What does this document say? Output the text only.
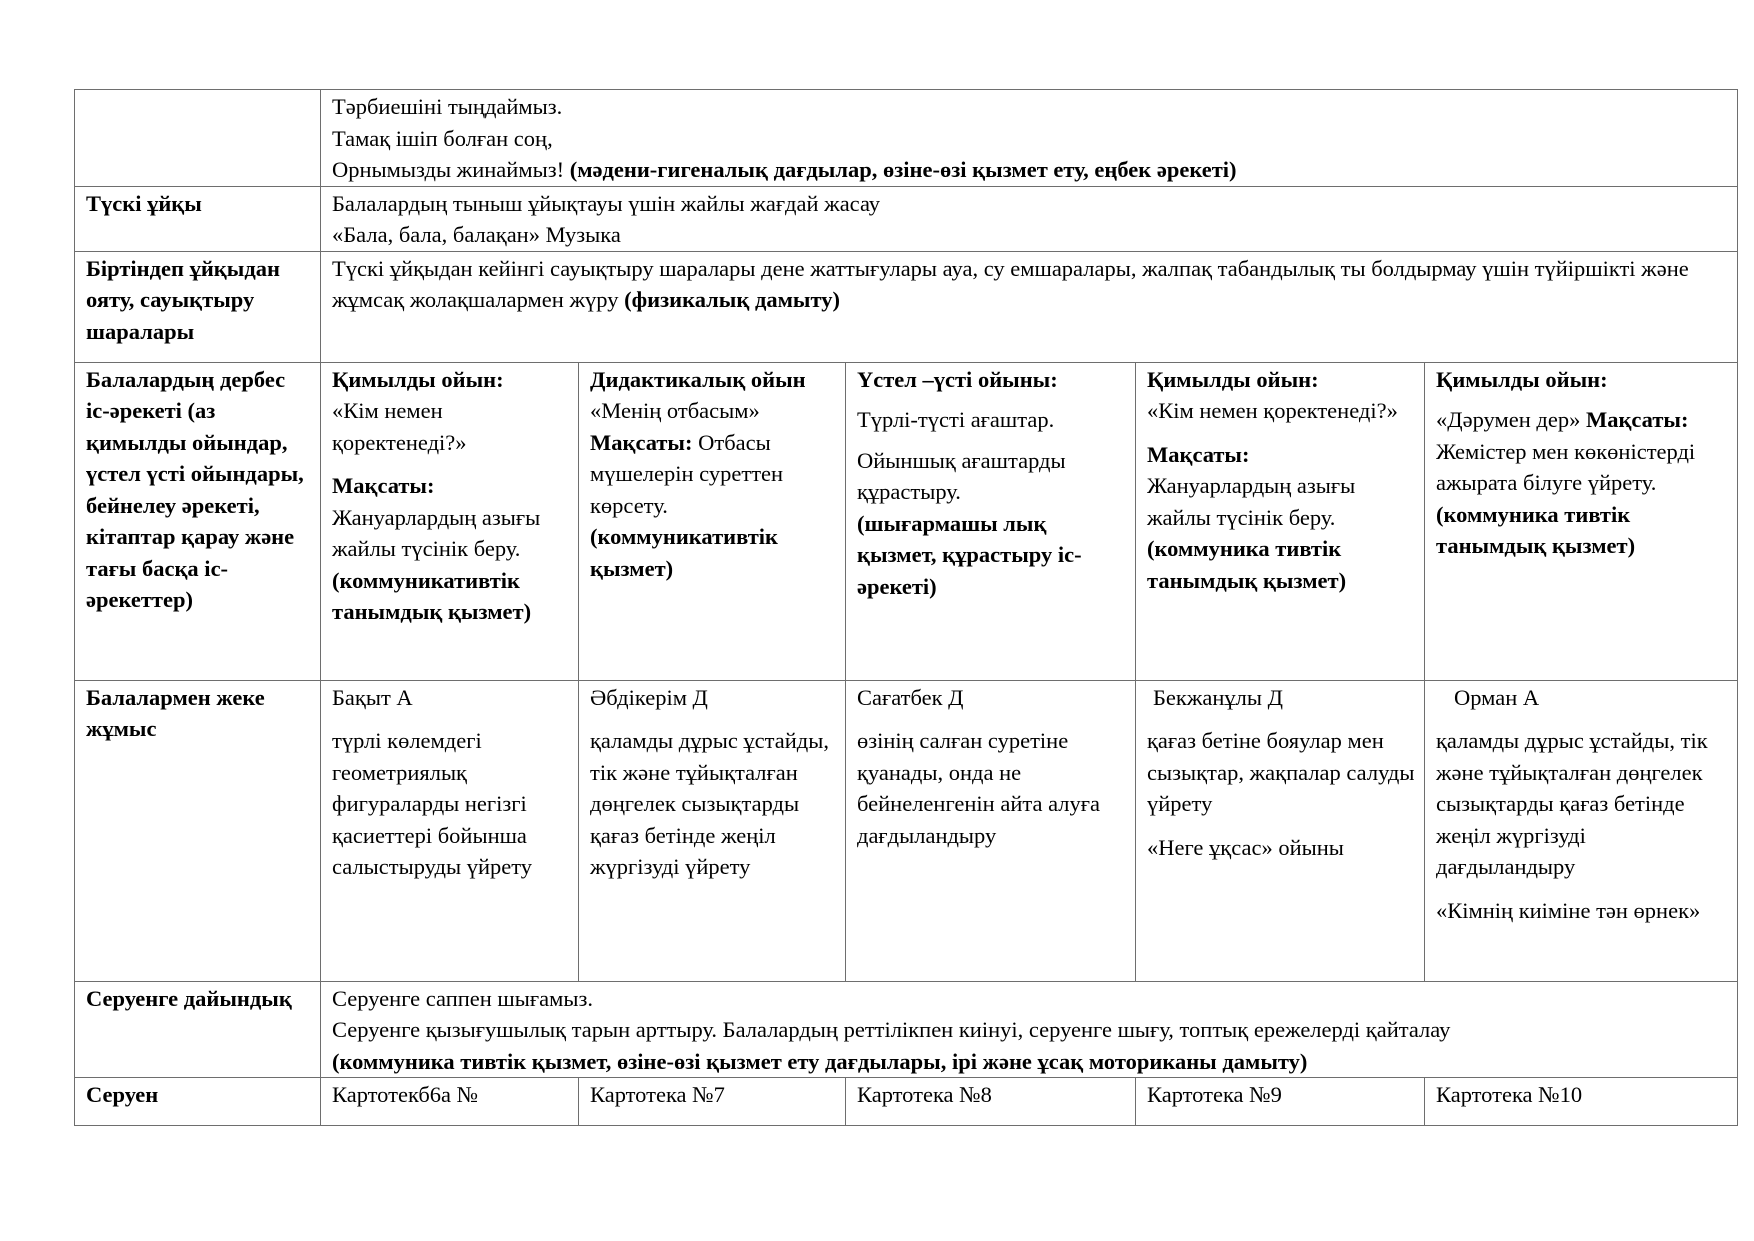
	Тәрбиешіні тыңдаймыз.
Тамақ ішіп болған соң,
Орнымызды жинаймыз! (мәдени-гигеналық дағдылар, өзіне-өзі қызмет ету, еңбек әрекеті)				

Түскі ұйқы	Балалардың тыныш ұйықтауы үшін жайлы жағдай жасау
«Бала, бала, балақан» Музыка				

Біртіндеп ұйқыдан ояту, сауықтыру шаралары	Түскі ұйқыдан кейінгі сауықтыру шаралары дене жаттығулары ауа, су емшаралары, жалпақ табандылық ты болдырмау үшін түйіршікті және жұмсақ жолақшалармен жүру (физикалық дамыту)				
Балалардың дербес іс-әрекеті (аз қимылды ойындар, үстел үсті ойындары, бейнелеу әрекеті, кітаптар қарау және тағы басқа іс-әрекеттер)	Қимылды ойын:
«Кім немен қоректенеді?»
Мақсаты:
Жануарлардың азығы жайлы түсінік беру.
(коммуникативтік танымдық қызмет)	Дидактикалық ойын
«Менің отбасым»
Мақсаты: Отбасы мүшелерін суреттен көрсету.
(коммуникативтік қызмет)	Үстел –үсті ойыны:
Түрлі-түсті ағаштар.
Ойыншық ағаштарды құрастыру.
(шығармашы лық қызмет, құрастыру іс-әрекеті)	Қимылды ойын:
«Кім немен қоректенеді?»
Мақсаты:
Жануарлардың азығы жайлы түсінік беру.
(коммуника тивтік танымдық қызмет)	Қимылды ойын:
«Дәрумен дер» Мақсаты: Жемістер мен көкөністерді ажырата білуге үйрету.
(коммуника тивтік танымдық қызмет)

Балалармен жеке жұмыс	Бақыт А
түрлі көлемдегі геометриялық фигураларды негізгі қасиеттері бойынша салыстыруды үйрету	Әбдікерім Д
қаламды дұрыс ұстайды, тік және тұйықталған дөңгелек сызықтарды қағаз бетінде жеңіл жүргізуді үйрету	Сағатбек Д
өзінің салған суретіне қуанады, онда не бейнеленгенін айта алуға дағдыландыру	Бекжанұлы Д
қағаз бетіне бояулар мен сызықтар, жақпалар салуды үйрету
«Неге ұқсас» ойыны	Орман А
қаламды дұрыс ұстайды, тік және тұйықталған дөңгелек сызықтарды қағаз бетінде жеңіл жүргізуді дағдыландыру
«Кімнің киіміне тән өрнек»

Серуенге дайындық	Серуенге саппен шығамыз.
Серуенге қызығушылық тарын арттыру. Балалардың реттілікпен киінуі, серуенге шығу, топтық ережелерді қайталау
(коммуника тивтік қызмет, өзіне-өзі қызмет ету дағдылары, ірі және ұсақ моториканы дамыту)				

Серуен	Картотекб6а №	Картотека №7	Картотека №8	Картотека №9	Картотека №10
